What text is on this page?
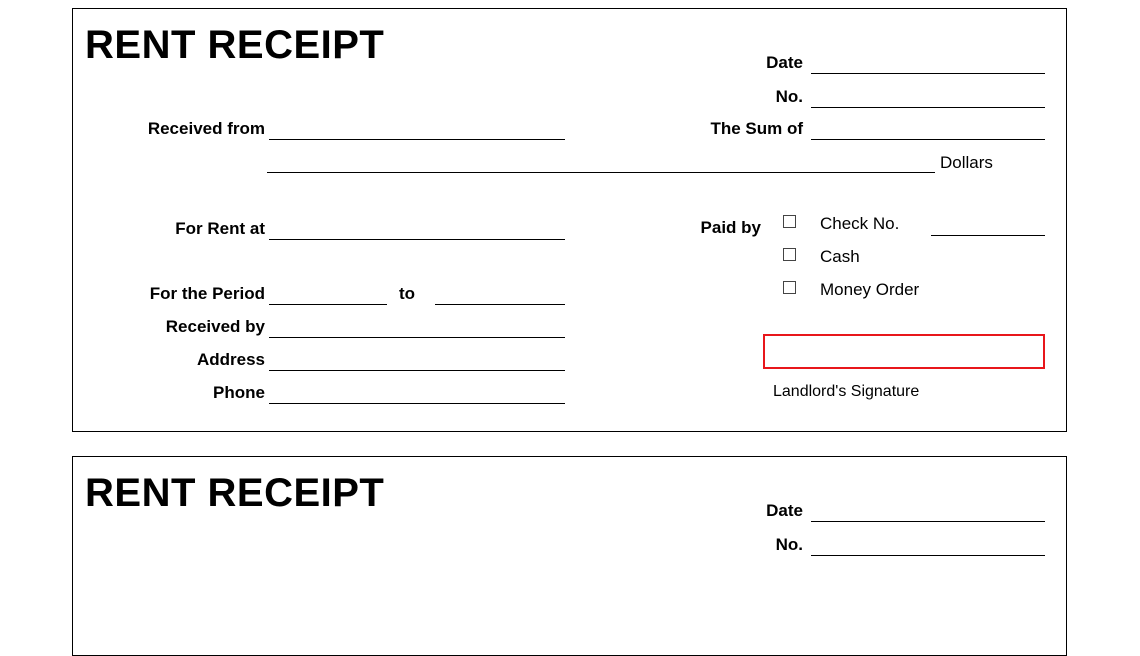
RENT RECEIPT	Date
No.
The Sum of
Dollars
Received from
For Rent at
For the Period	to
Received by
Address
Phone
Paid by	Check No.
Cash
Money Order
Landlord's Signature
RENT RECEIPT	Date
No.
